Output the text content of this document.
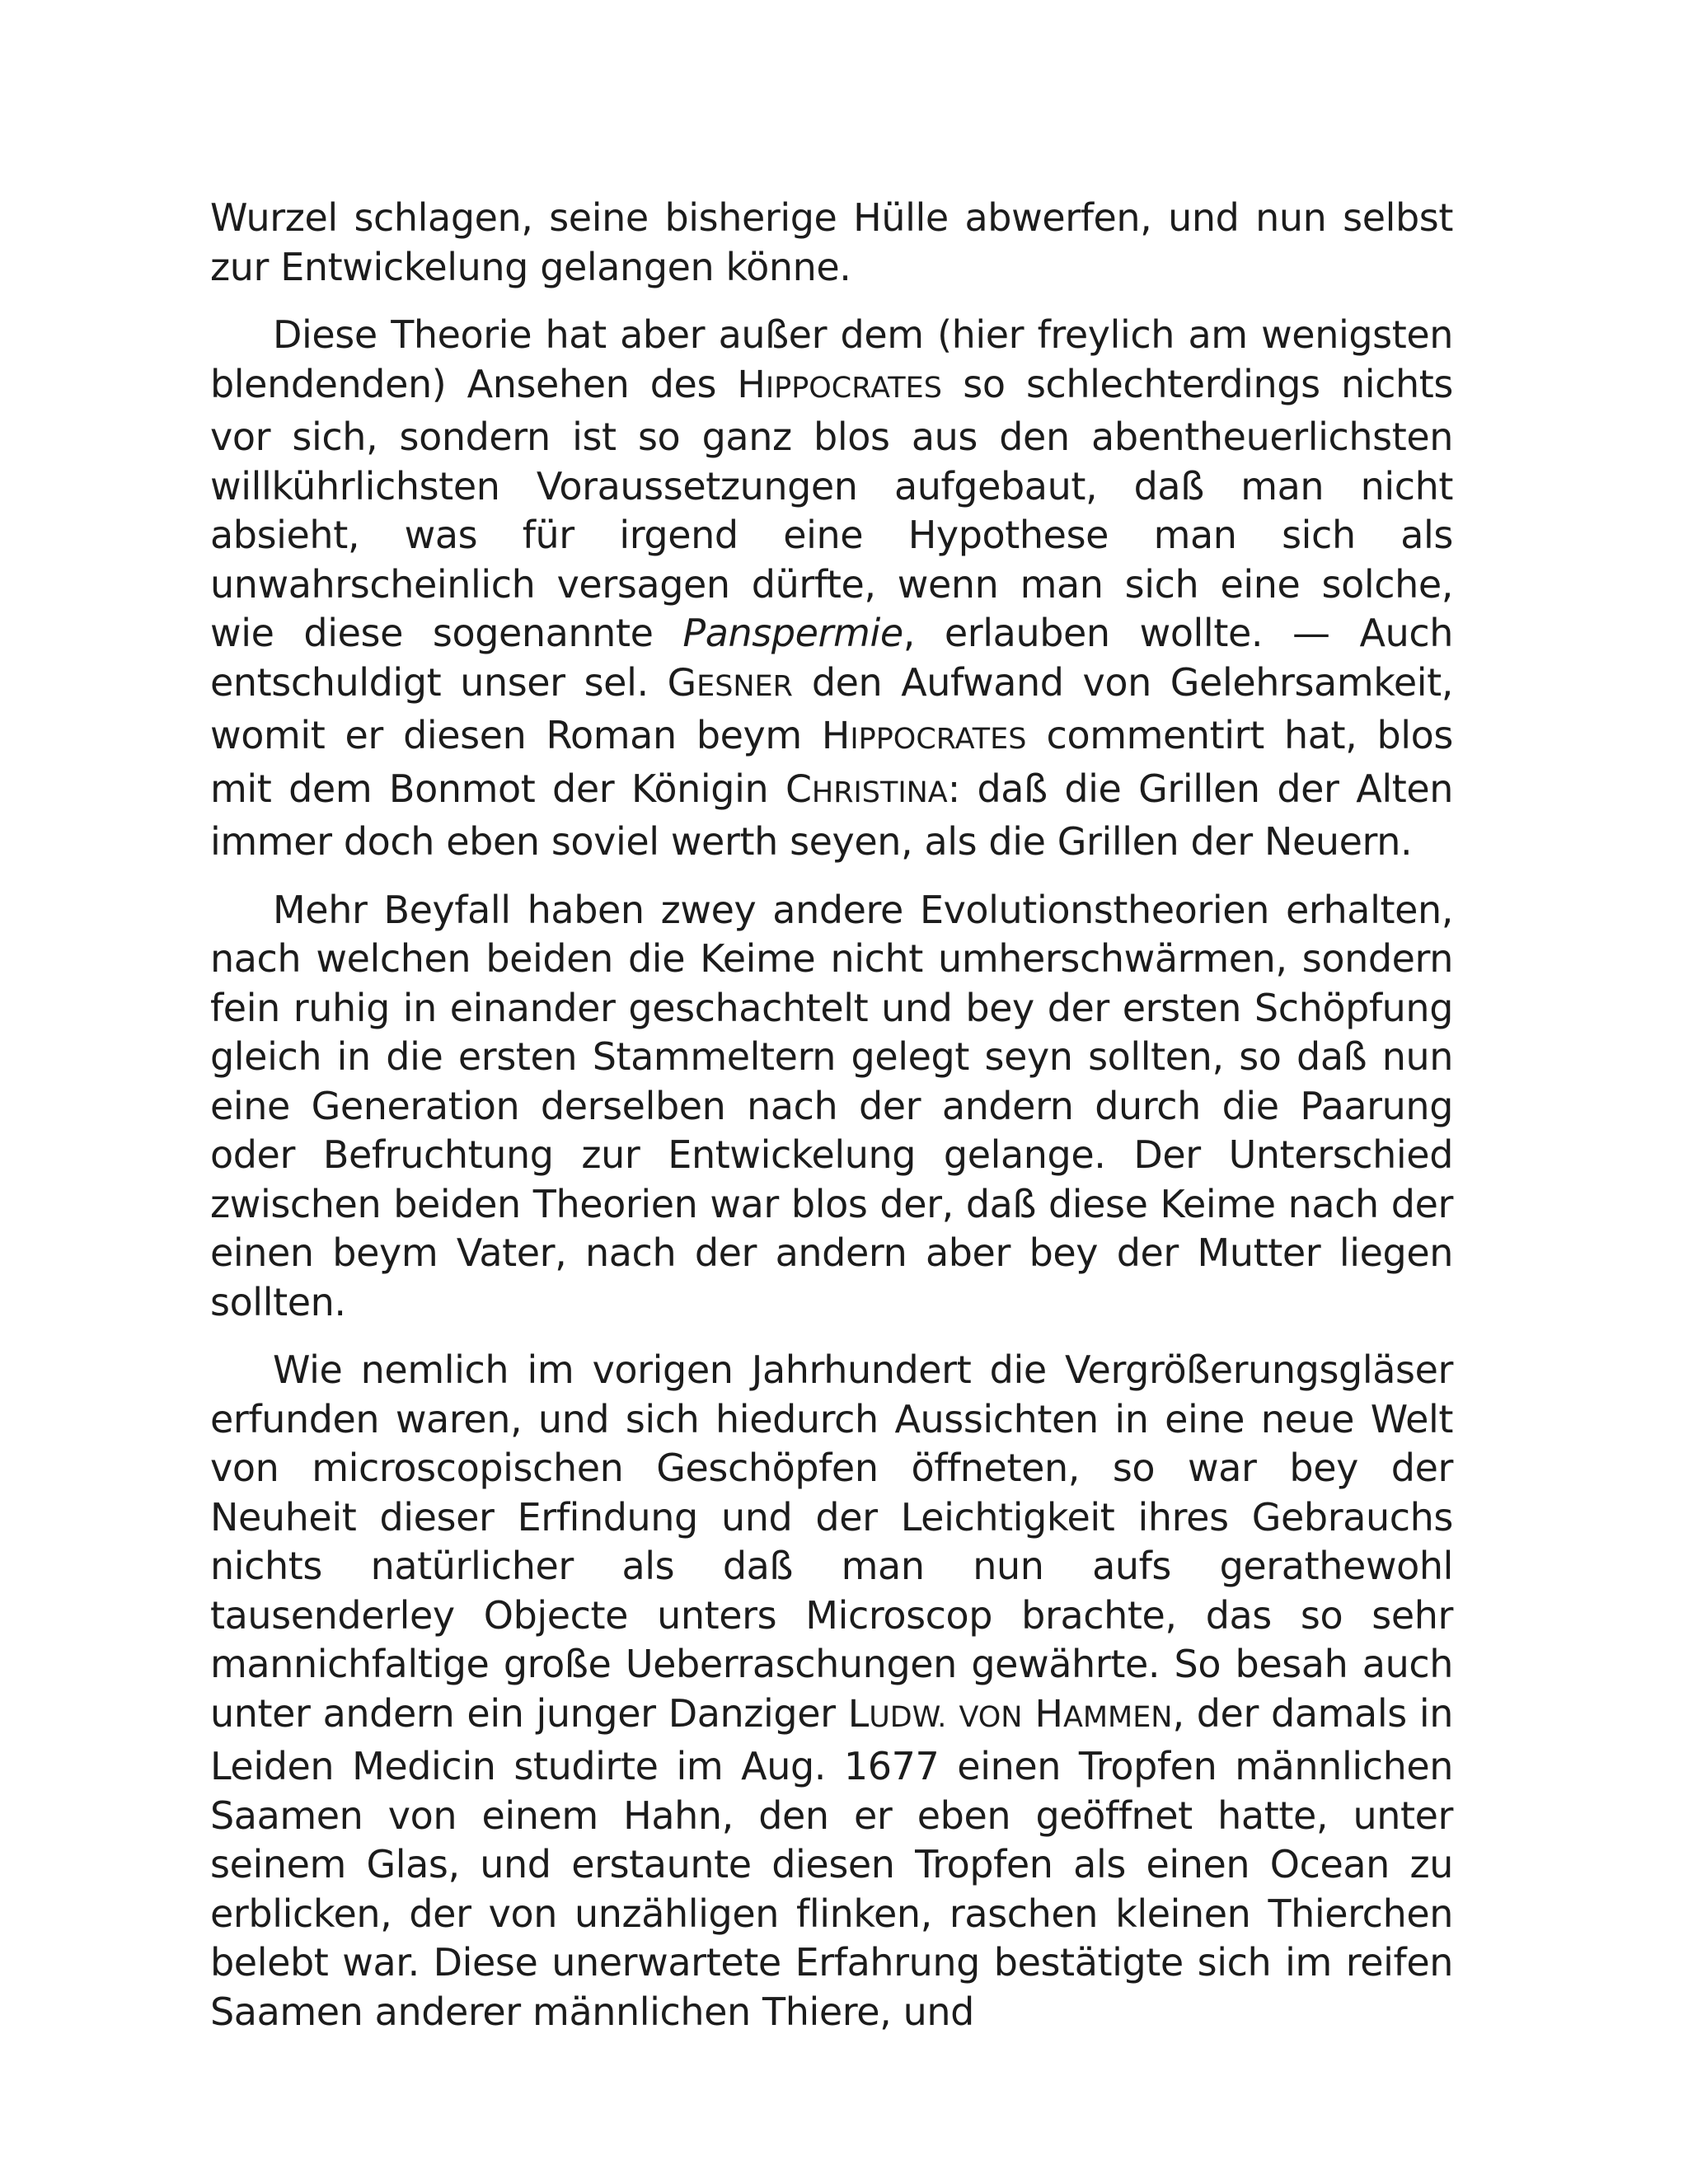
Wurzel schlagen, seine bisherige Hülle abwerfen, und nun selbst zur Entwickelung gelangen könne.

Diese Theorie hat aber außer dem (hier freylich am wenigsten blendenden) Ansehen des HIPPOCRATES so schlechterdings nichts vor sich, sondern ist so ganz blos aus den abentheuerlichsten willkührlichsten Voraussetzungen aufgebaut, daß man nicht absieht, was für irgend eine Hypothese man sich als unwahrscheinlich versagen dürfte, wenn man sich eine solche, wie diese sogenannte Panspermie, erlauben wollte. — Auch entschuldigt unser sel. GESNER den Aufwand von Gelehrsamkeit, womit er diesen Roman beym HIPPOCRATES commentirt hat, blos mit dem Bonmot der Königin CHRISTINA: daß die Grillen der Alten immer doch eben soviel werth seyen, als die Grillen der Neuern.

Mehr Beyfall haben zwey andere Evolutionstheorien erhalten, nach welchen beiden die Keime nicht umherschwärmen, sondern fein ruhig in einander geschachtelt und bey der ersten Schöpfung gleich in die ersten Stammeltern gelegt seyn sollten, so daß nun eine Generation derselben nach der andern durch die Paarung oder Befruchtung zur Entwickelung gelange. Der Unterschied zwischen beiden Theorien war blos der, daß diese Keime nach der einen beym Vater, nach der andern aber bey der Mutter liegen sollten.

Wie nemlich im vorigen Jahrhundert die Vergrößerungsgläser erfunden waren, und sich hiedurch Aussichten in eine neue Welt von microscopischen Geschöpfen öffneten, so war bey der Neuheit dieser Erfindung und der Leichtigkeit ihres Gebrauchs nichts natürlicher als daß man nun aufs gerathewohl tausenderley Objecte unters Microscop brachte, das so sehr mannichfaltige große Ueberraschungen gewährte. So besah auch unter andern ein junger Danziger LUDW. VON HAMMEN, der damals in Leiden Medicin studirte im Aug. 1677 einen Tropfen männlichen Saamen von einem Hahn, den er eben geöffnet hatte, unter seinem Glas, und erstaunte diesen Tropfen als einen Ocean zu erblicken, der von unzähligen flinken, raschen kleinen Thierchen belebt war. Diese unerwartete Erfahrung bestätigte sich im reifen Saamen anderer männlichen Thiere, und
